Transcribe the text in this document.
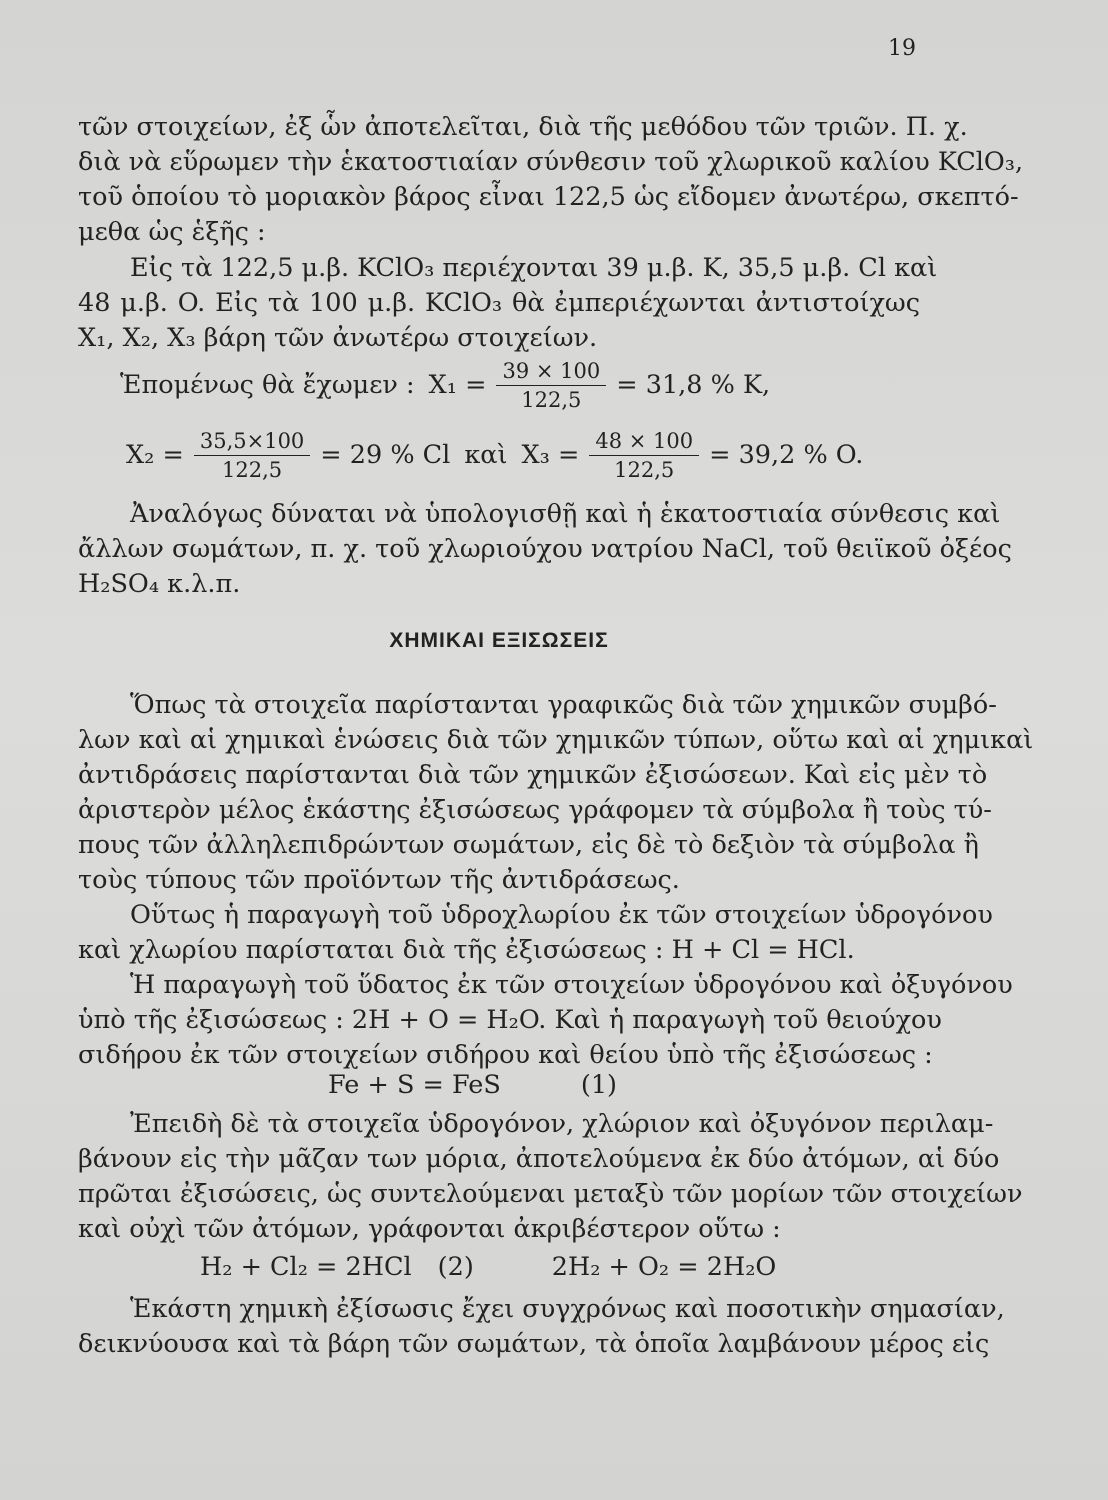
19
τῶν στοιχείων, ἐξ ὧν ἀποτελεῖται, διὰ τῆς μεθόδου τῶν τριῶν. Π. χ.
διὰ νὰ εὕρωμεν τὴν ἑκατοστιαίαν σύνθεσιν τοῦ χλωρικοῦ καλίου KClO₃,
τοῦ ὁποίου τὸ μοριακὸν βάρος εἶναι 122,5 ὡς εἴδομεν ἀνωτέρω, σκεπτό-
μεθα ὡς ἑξῆς :
Εἰς τὰ 122,5 μ.β. KClO₃ περιέχονται 39 μ.β. K, 35,5 μ.β. Cl καὶ
48 μ.β. O. Εἰς τὰ 100 μ.β. KClO₃ θὰ ἐμπεριέχωνται ἀντιστοίχως
X₁, X₂, X₃ βάρη τῶν ἀνωτέρω στοιχείων.
Ἑπομένως θὰ ἔχωμεν : $X_1 = \frac{39 \times 100}{122,5} = 31,8$ % K,
$X_2 = \frac{35,5\times 100}{122,5} = 29$ % Cl καὶ $X_3 = \frac{48 \times 100}{122,5} = 39,2$ % O.
Ἀναλόγως δύναται νὰ ὑπολογισθῇ καὶ ἡ ἑκατοστιαία σύνθεσις καὶ
ἄλλων σωμάτων, π. χ. τοῦ χλωριούχου νατρίου NaCl, τοῦ θειϊκοῦ ὀξέος
H₂SO₄ κ.λ.π.
ΧΗΜΙΚΑΙ ΕΞΙΣΩΣΕΙΣ
Ὅπως τὰ στοιχεῖα παρίστανται γραφικῶς διὰ τῶν χημικῶν συμβό-
λων καὶ αἱ χημικαὶ ἑνώσεις διὰ τῶν χημικῶν τύπων, οὕτω καὶ αἱ χημικαὶ
ἀντιδράσεις παρίστανται διὰ τῶν χημικῶν ἐξισώσεων. Καὶ εἰς μὲν τὸ
ἀριστερὸν μέλος ἑκάστης ἐξισώσεως γράφομεν τὰ σύμβολα ἢ τοὺς τύ-
πους τῶν ἀλληλεπιδρώντων σωμάτων, εἰς δὲ τὸ δεξιὸν τὰ σύμβολα ἢ
τοὺς τύπους τῶν προϊόντων τῆς ἀντιδράσεως.
Οὕτως ἡ παραγωγὴ τοῦ ὑδροχλωρίου ἐκ τῶν στοιχείων ὑδρογόνου
καὶ χλωρίου παρίσταται διὰ τῆς ἐξισώσεως : H + Cl = HCl.
Ἡ παραγωγὴ τοῦ ὕδατος ἐκ τῶν στοιχείων ὑδρογόνου καὶ ὀξυγόνου
ὑπὸ τῆς ἐξισώσεως : 2H + O = H₂O. Καὶ ἡ παραγωγὴ τοῦ θειούχου
σιδήρου ἐκ τῶν στοιχείων σιδήρου καὶ θείου ὑπὸ τῆς ἐξισώσεως :
Fe + S = FeS	(1)
Ἐπειδὴ δὲ τὰ στοιχεῖα ὑδρογόνον, χλώριον καὶ ὀξυγόνον περιλαμ-
βάνουν εἰς τὴν μᾶζαν των μόρια, ἀποτελούμενα ἐκ δύο ἀτόμων, αἱ δύο
πρῶται ἐξισώσεις, ὡς συντελούμεναι μεταξὺ τῶν μορίων τῶν στοιχείων
καὶ οὐχὶ τῶν ἀτόμων, γράφονται ἀκριβέστερον οὕτω :
H₂ + Cl₂ = 2HCl (2)	2H₂ + O₂ = 2H₂O
Ἑκάστη χημικὴ ἐξίσωσις ἔχει συγχρόνως καὶ ποσοτικὴν σημασίαν,
δεικνύουσα καὶ τὰ βάρη τῶν σωμάτων, τὰ ὁποῖα λαμβάνουν μέρος εἰς
